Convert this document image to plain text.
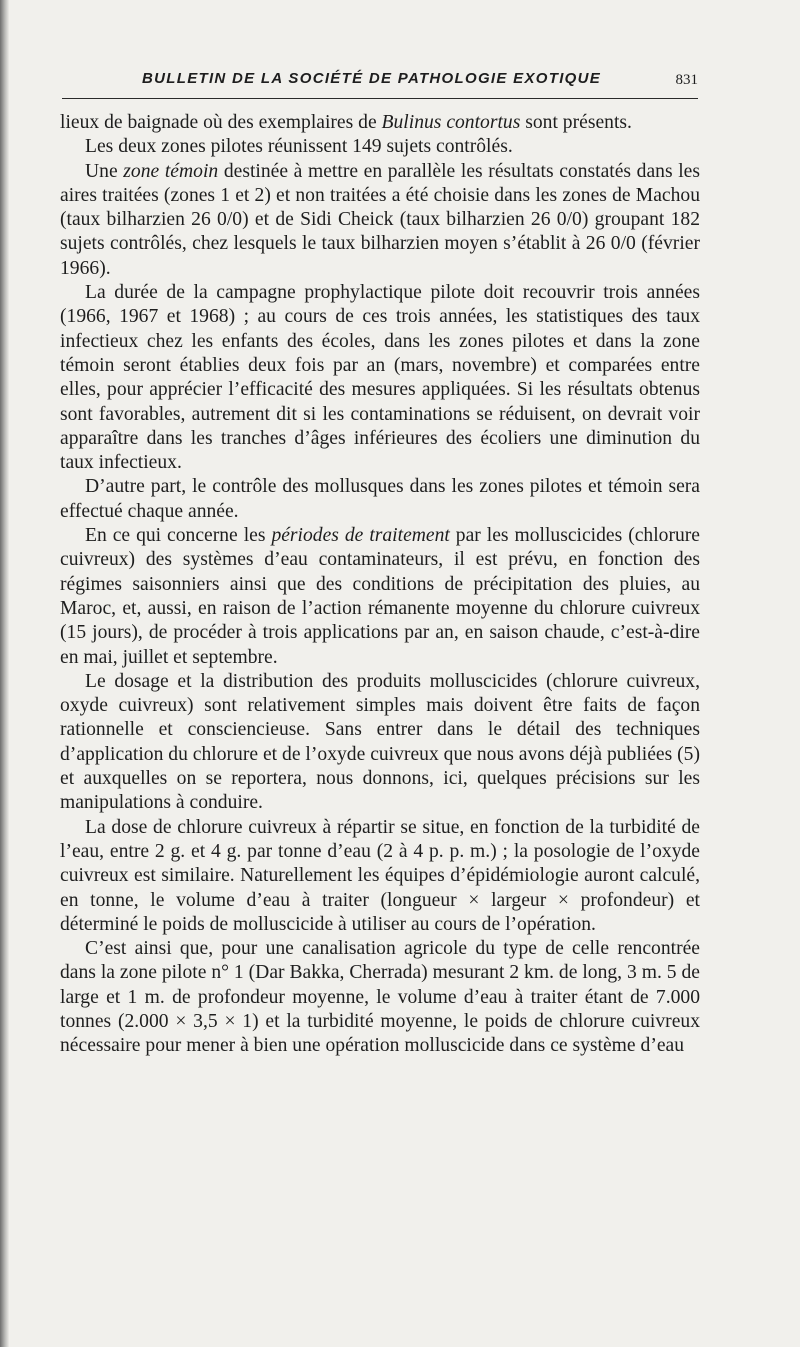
BULLETIN DE LA SOCIÉTÉ DE PATHOLOGIE EXOTIQUE	831

lieux de baignade où des exemplaires de Bulinus contortus sont présents.

Les deux zones pilotes réunissent 149 sujets contrôlés.

Une zone témoin destinée à mettre en parallèle les résultats constatés dans les aires traitées (zones 1 et 2) et non traitées a été choisie dans les zones de Machou (taux bilharzien 26 0/0) et de Sidi Cheick (taux bilharzien 26 0/0) groupant 182 sujets contrôlés, chez lesquels le taux bilharzien moyen s’établit à 26 0/0 (février 1966).

La durée de la campagne prophylactique pilote doit recouvrir trois années (1966, 1967 et 1968) ; au cours de ces trois années, les statistiques des taux infectieux chez les enfants des écoles, dans les zones pilotes et dans la zone témoin seront établies deux fois par an (mars, novembre) et comparées entre elles, pour apprécier l’efficacité des mesures appliquées. Si les résultats obtenus sont favorables, autrement dit si les contaminations se réduisent, on devrait voir apparaître dans les tranches d’âges inférieures des écoliers une diminution du taux infectieux.

D’autre part, le contrôle des mollusques dans les zones pilotes et témoin sera effectué chaque année.

En ce qui concerne les périodes de traitement par les molluscicides (chlorure cuivreux) des systèmes d’eau contaminateurs, il est prévu, en fonction des régimes saisonniers ainsi que des conditions de précipitation des pluies, au Maroc, et, aussi, en raison de l’action rémanente moyenne du chlorure cuivreux (15 jours), de procéder à trois applications par an, en saison chaude, c’est-à-dire en mai, juillet et septembre.

Le dosage et la distribution des produits molluscicides (chlorure cuivreux, oxyde cuivreux) sont relativement simples mais doivent être faits de façon rationnelle et consciencieuse. Sans entrer dans le détail des techniques d’application du chlorure et de l’oxyde cuivreux que nous avons déjà publiées (5) et auxquelles on se reportera, nous donnons, ici, quelques précisions sur les manipulations à conduire.

La dose de chlorure cuivreux à répartir se situe, en fonction de la turbidité de l’eau, entre 2 g. et 4 g. par tonne d’eau (2 à 4 p. p. m.) ; la posologie de l’oxyde cuivreux est similaire. Naturellement les équipes d’épidémiologie auront calculé, en tonne, le volume d’eau à traiter (longueur × largeur × profondeur) et déterminé le poids de molluscicide à utiliser au cours de l’opération.

C’est ainsi que, pour une canalisation agricole du type de celle rencontrée dans la zone pilote n° 1 (Dar Bakka, Cherrada) mesurant 2 km. de long, 3 m. 5 de large et 1 m. de profondeur moyenne, le volume d’eau à traiter étant de 7.000 tonnes (2.000 × 3,5 × 1) et la turbidité moyenne, le poids de chlorure cuivreux nécessaire pour mener à bien une opération molluscicide dans ce système d’eau
